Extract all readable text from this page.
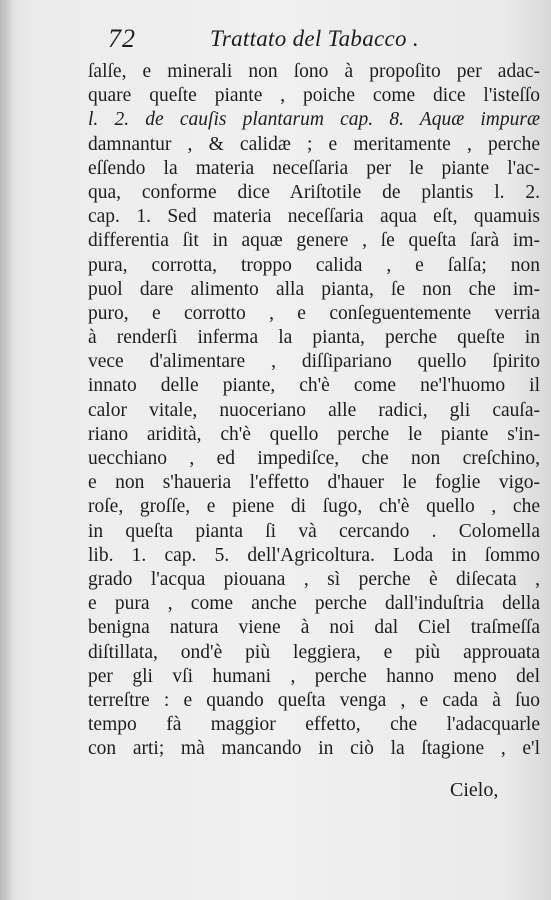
72	Trattato del Tabacco .
ſalſe, e minerali non ſono à propoſito per adac-
quare queſte piante , poiche come dice l'isteſſo
l. 2. de cauſis plantarum cap. 8. Aquæ impuræ
damnantur , & calidæ ; e meritamente , perche
eſſendo la materia neceſſaria per le piante l'ac-
qua, conforme dice Ariſtotile de plantis l. 2.
cap. 1. Sed materia neceſſaria aqua eſt, quamuis
differentia ſit in aquæ genere , ſe queſta ſarà im-
pura, corrotta, troppo calida , e ſalſa; non
puol dare alimento alla pianta, ſe non che im-
puro, e corrotto , e conſeguentemente verria
à renderſi inferma la pianta, perche queſte in
vece d'alimentare , diſſipariano quello ſpirito
innato delle piante, ch'è come ne'l'huomo il
calor vitale, nuoceriano alle radici, gli cauſa-
riano aridità, ch'è quello perche le piante s'in-
uecchiano , ed impediſce, che non creſchino,
e non s'haueria l'effetto d'hauer le foglie vigo-
roſe, groſſe, e piene di ſugo, ch'è quello , che
in queſta pianta ſi và cercando . Colomella
lib. 1. cap. 5. dell'Agricoltura. Loda in ſommo
grado l'acqua piouana , sì perche è diſecata ,
e pura , come anche perche dall'induſtria della
benigna natura viene à noi dal Ciel traſmeſſa
diſtillata, ond'è più leggiera, e più approuata
per gli vſi humani , perche hanno meno del
terreſtre : e quando queſta venga , e cada à ſuo
tempo fà maggior effetto, che l'adacquarle
con arti; mà mancando in ciò la ſtagione , e'l
Cielo,
